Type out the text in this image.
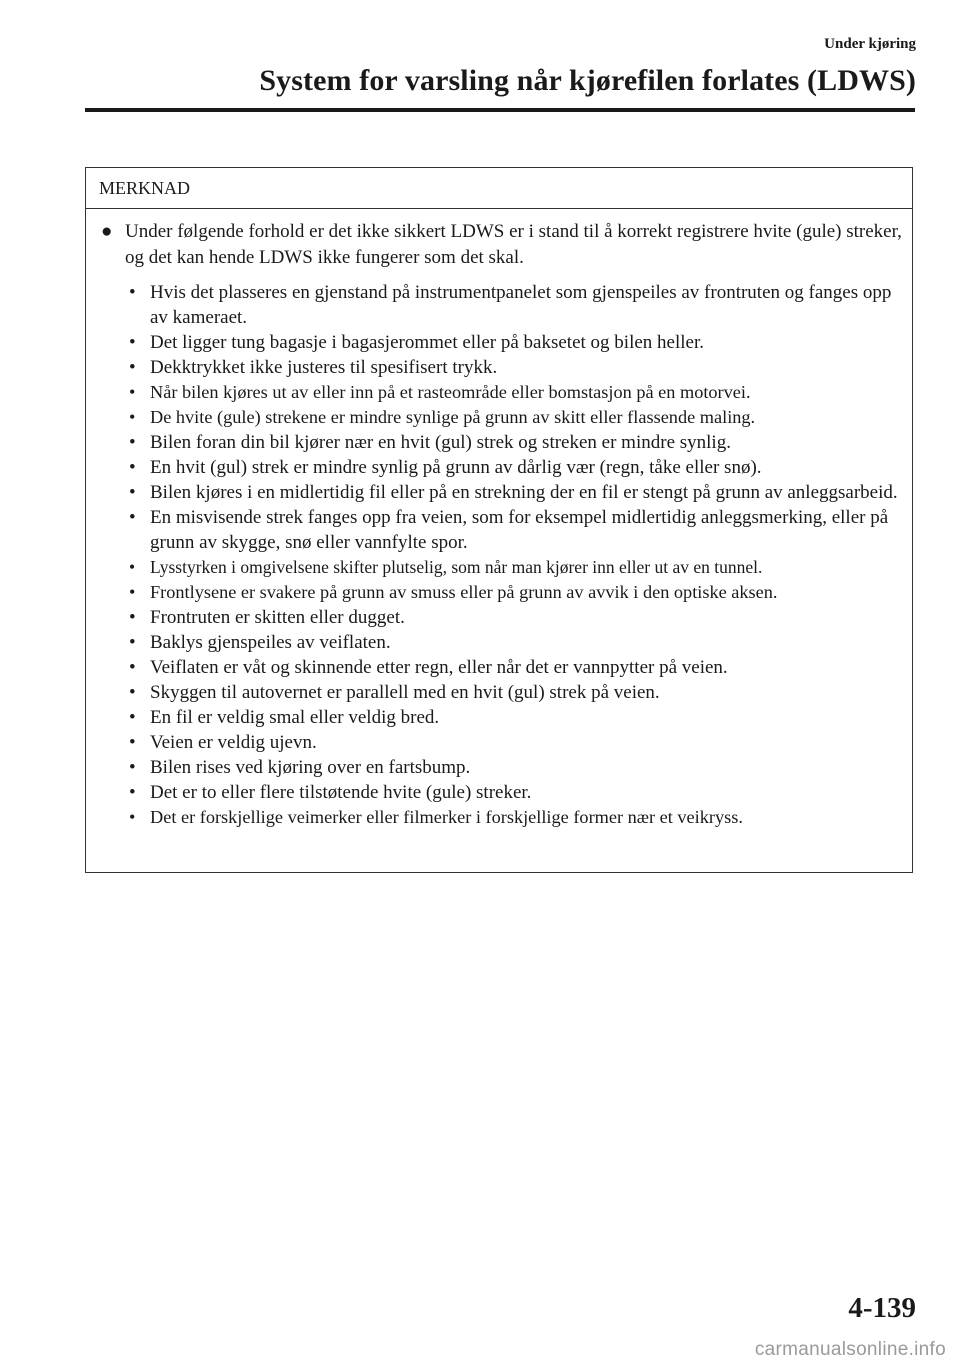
Under kjøring
System for varsling når kjørefilen forlates (LDWS)
MERKNAD
● Under følgende forhold er det ikke sikkert LDWS er i stand til å korrekt registrere hvite (gule) streker, og det kan hende LDWS ikke fungerer som det skal.
• Hvis det plasseres en gjenstand på instrumentpanelet som gjenspeiles av frontruten og fanges opp av kameraet.
• Det ligger tung bagasje i bagasjerommet eller på baksetet og bilen heller.
• Dekktrykket ikke justeres til spesifisert trykk.
• Når bilen kjøres ut av eller inn på et rasteområde eller bomstasjon på en motorvei.
• De hvite (gule) strekene er mindre synlige på grunn av skitt eller flassende maling.
• Bilen foran din bil kjører nær en hvit (gul) strek og streken er mindre synlig.
• En hvit (gul) strek er mindre synlig på grunn av dårlig vær (regn, tåke eller snø).
• Bilen kjøres i en midlertidig fil eller på en strekning der en fil er stengt på grunn av anleggsarbeid.
• En misvisende strek fanges opp fra veien, som for eksempel midlertidig anleggsmerking, eller på grunn av skygge, snø eller vannfylte spor.
• Lysstyrken i omgivelsene skifter plutselig, som når man kjører inn eller ut av en tunnel.
• Frontlysene er svakere på grunn av smuss eller på grunn av avvik i den optiske aksen.
• Frontruten er skitten eller dugget.
• Baklys gjenspeiles av veiflaten.
• Veiflaten er våt og skinnende etter regn, eller når det er vannpytter på veien.
• Skyggen til autovernet er parallell med en hvit (gul) strek på veien.
• En fil er veldig smal eller veldig bred.
• Veien er veldig ujevn.
• Bilen rises ved kjøring over en fartsbump.
• Det er to eller flere tilstøtende hvite (gule) streker.
• Det er forskjellige veimerker eller filmerker i forskjellige former nær et veikryss.
4-139
carmanualsonline.info
